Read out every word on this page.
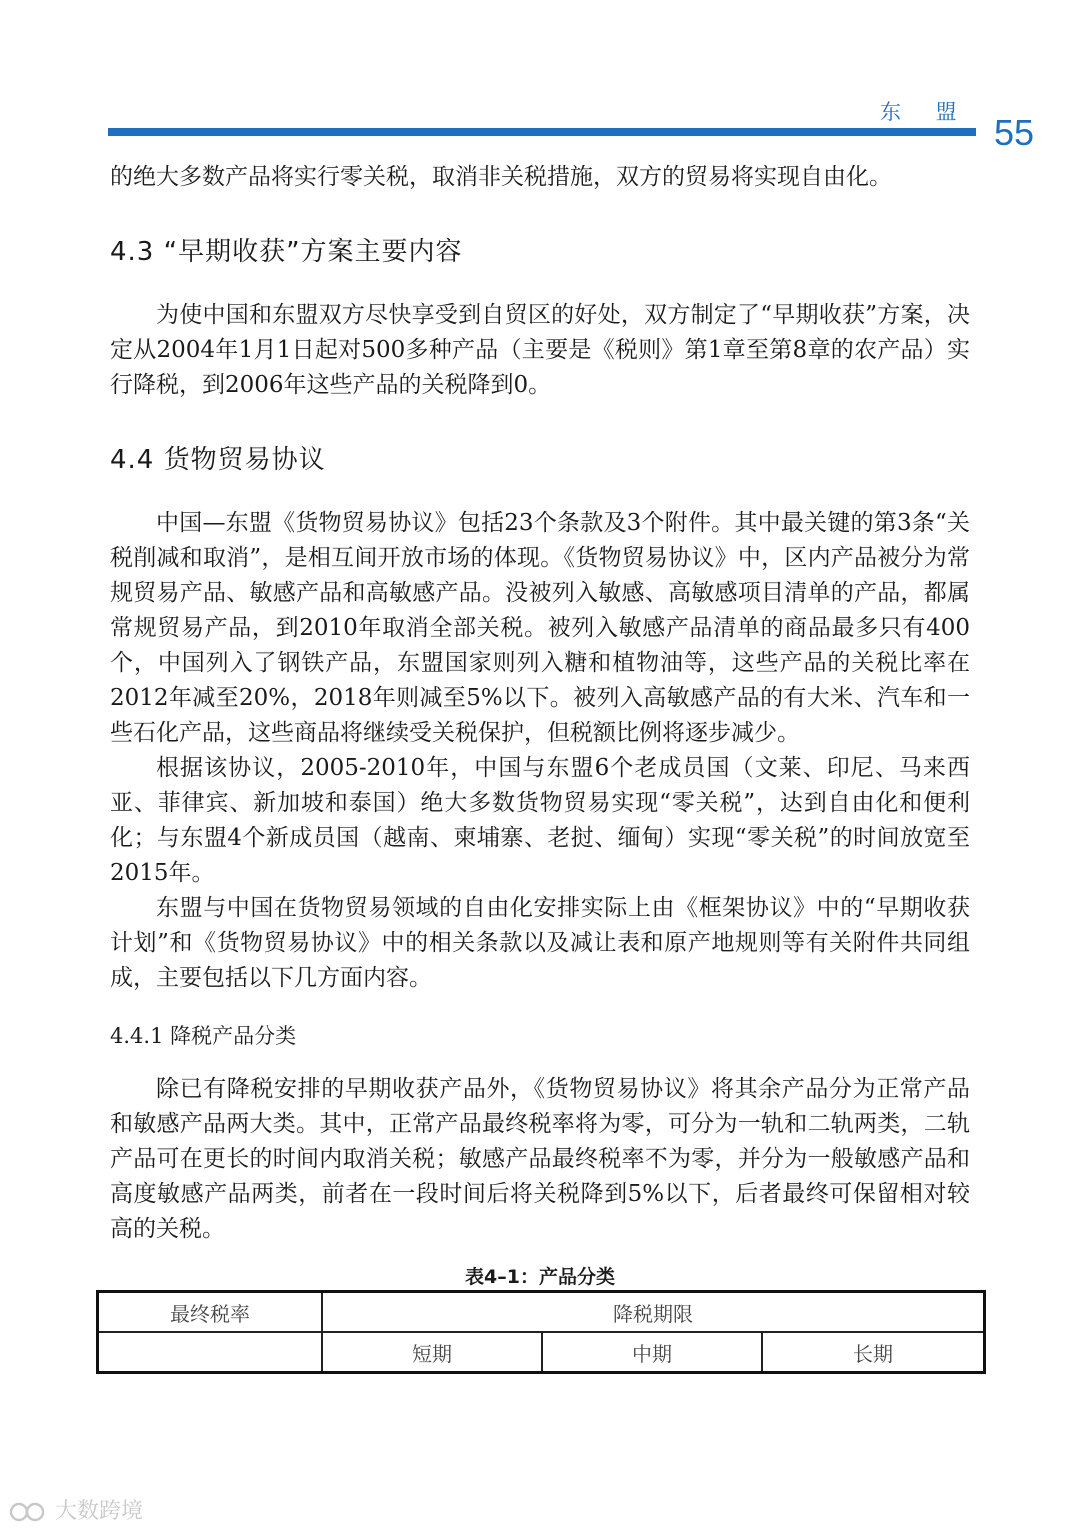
东 盟 55

的绝大多数产品将实行零关税，取消非关税措施，双方的贸易将实现自由化。

4.3 “早期收获”方案主要内容

为使中国和东盟双方尽快享受到自贸区的好处，双方制定了“早期收获”方案，决定从2004年1月1日起对500多种产品（主要是《税则》第1章至第8章的农产品）实行降税，到2006年这些产品的关税降到0。

4.4 货物贸易协议

中国—东盟《货物贸易协议》包括23个条款及3个附件。其中最关键的第3条“关税削减和取消”，是相互间开放市场的体现。《货物贸易协议》中，区内产品被分为常规贸易产品、敏感产品和高敏感产品。没被列入敏感、高敏感项目清单的产品，都属常规贸易产品，到2010年取消全部关税。被列入敏感产品清单的商品最多只有400个，中国列入了钢铁产品，东盟国家则列入糖和植物油等，这些产品的关税比率在2012年减至20%，2018年则减至5%以下。被列入高敏感产品的有大米、汽车和一些石化产品，这些商品将继续受关税保护，但税额比例将逐步减少。

根据该协议，2005-2010年，中国与东盟6个老成员国（文莱、印尼、马来西亚、菲律宾、新加坡和泰国）绝大多数货物贸易实现“零关税”，达到自由化和便利化；与东盟4个新成员国（越南、柬埔寨、老挝、缅甸）实现“零关税”的时间放宽至2015年。

东盟与中国在货物贸易领域的自由化安排实际上由《框架协议》中的“早期收获计划”和《货物贸易协议》中的相关条款以及减让表和原产地规则等有关附件共同组成，主要包括以下几方面内容。

4.4.1 降税产品分类

除已有降税安排的早期收获产品外，《货物贸易协议》将其余产品分为正常产品和敏感产品两大类。其中，正常产品最终税率将为零，可分为一轨和二轨两类，二轨产品可在更长的时间内取消关税；敏感产品最终税率不为零，并分为一般敏感产品和高度敏感产品两类，前者在一段时间后将关税降到5%以下，后者最终可保留相对较高的关税。

表4–1：产品分类
最终税率	降税期限		
	短期	中期	长期
大数跨境
